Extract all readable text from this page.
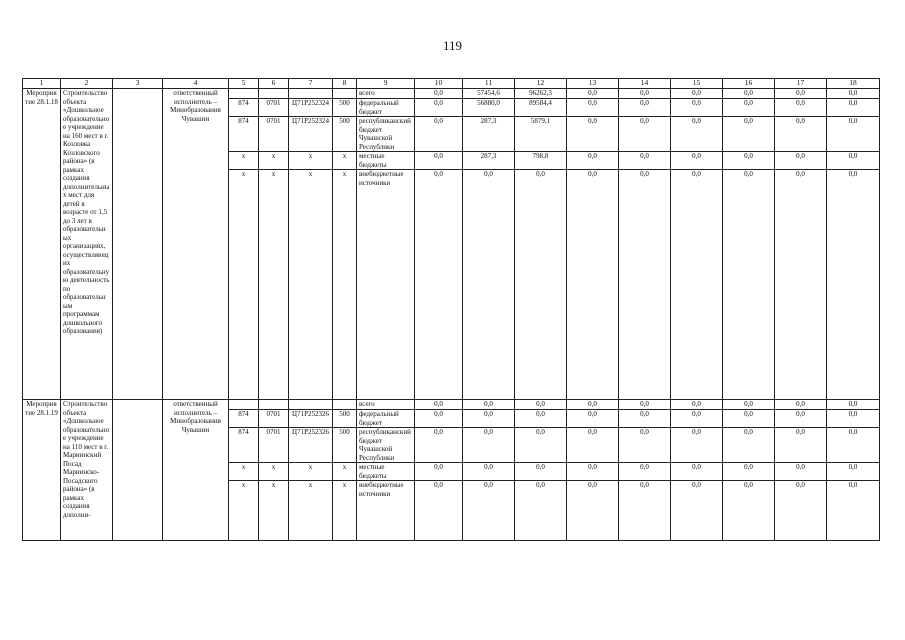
119
1	2	3	4	5	6	7	8	9	10	11	12	13	14	15	16	17	18
Мероприятие 28.1.18	Строительство объекта «Дошкольное образовательное учреждение на 160 мест в г. Козловка Козловского района» (в рамках создания дополнительных мест для детей в возрасте от 1,5 до 3 лет в образовательных организациях, осуществляющих образовательную деятельность по образовательным программам дошкольного образования)		ответственный исполнитель – Минобразования Чувашии					всего	0,0	57454,6	96262,3	0,0	0,0	0,0	0,0	0,0	0,0
				874	0701	Ц71Р252324	500	федеральный бюджет	0,0	56880,0	89584,4	0,0	0,0	0,0	0,0	0,0	0,0
				874	0701	Ц71Р252324	500	республиканский бюджет Чувашской Республики	0,0	287,3	5879,1	0,0	0,0	0,0	0,0	0,0	0,0
				x	x	x	x	местные бюджеты	0,0	287,3	798,8	0,0	0,0	0,0	0,0	0,0	0,0
				x	x	x	x	внебюджетные источники	0,0	0,0	0,0	0,0	0,0	0,0	0,0	0,0	0,0
Мероприятие 28.1.19	Строительство объекта «Дошкольное образовательное учреждение на 110 мест в г. Мариинский Посад Мариинско-Посадского района» (в рамках создания дополни-		ответственный исполнитель – Минобразования Чувашии					всего	0,0	0,0	0,0	0,0	0,0	0,0	0,0	0,0	0,0
				874	0701	Ц71Р252326	500	федеральный бюджет	0,0	0,0	0,0	0,0	0,0	0,0	0,0	0,0	0,0
				874	0701	Ц71Р252326	500	республиканский бюджет Чувашской Республики	0,0	0,0	0,0	0,0	0,0	0,0	0,0	0,0	0,0
				x	x	x	x	местные бюджеты	0,0	0,0	0,0	0,0	0,0	0,0	0,0	0,0	0,0
				x	x	x	x	внебюджетные источники	0,0	0,0	0,0	0,0	0,0	0,0	0,0	0,0	0,0
